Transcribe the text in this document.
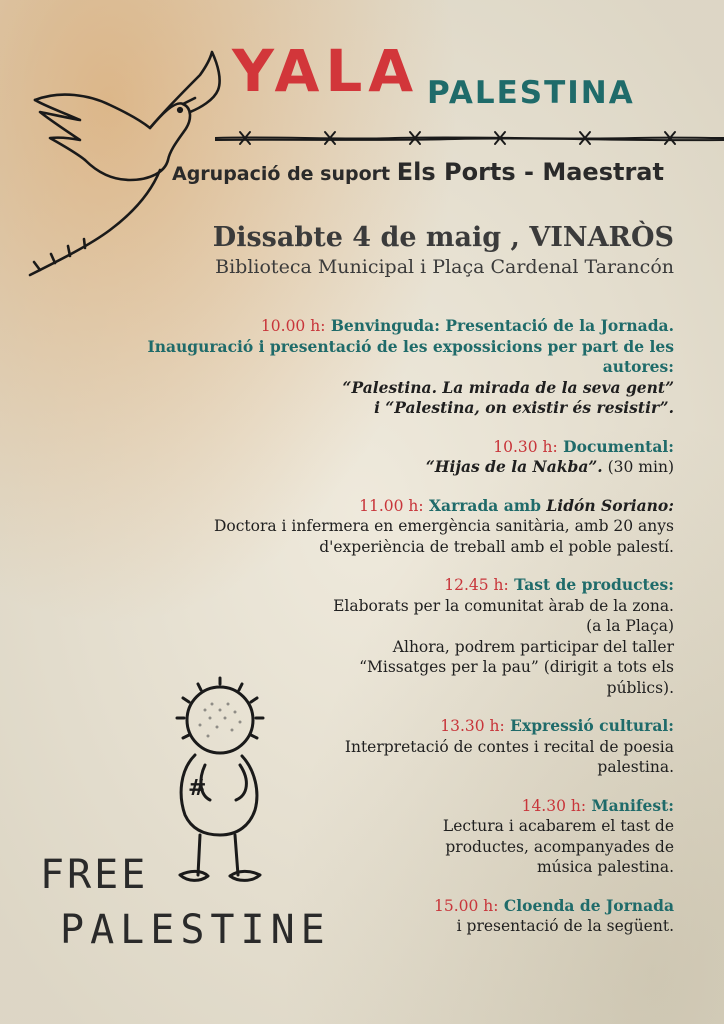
YALA PALESTINA
Agrupació de suport Els Ports - Maestrat
Dissabte 4 de maig , VINARÒS
Biblioteca Municipal i Plaça Cardenal Tarancón
10.00 h: Benvinguda: Presentació de la Jornada.
Inauguració i presentació de les expossicions per part de les
autores:
“Palestina. La mirada de la seva gent”
i “Palestina, on existir és resistir”.
10.30 h: Documental:
“Hijas de la Nakba”. (30 min)
11.00 h: Xarrada amb Lidón Soriano:
Doctora i infermera en emergència sanitària, amb 20 anys
d'experiència de treball amb el poble palestí.
12.45 h: Tast de productes:
Elaborats per la comunitat àrab de la zona.
(a la Plaça)
Alhora, podrem participar del taller
“Missatges per la pau” (dirigit a tots els
públics).
13.30 h: Expressió cultural:
Interpretació de contes i recital de poesia
palestina.
14.30 h: Manifest:
Lectura i acabarem el tast de
productes, acompanyades de
música palestina.
15.00 h: Cloenda de Jornada
i presentació de la següent.
#
FREE
PALESTINE
